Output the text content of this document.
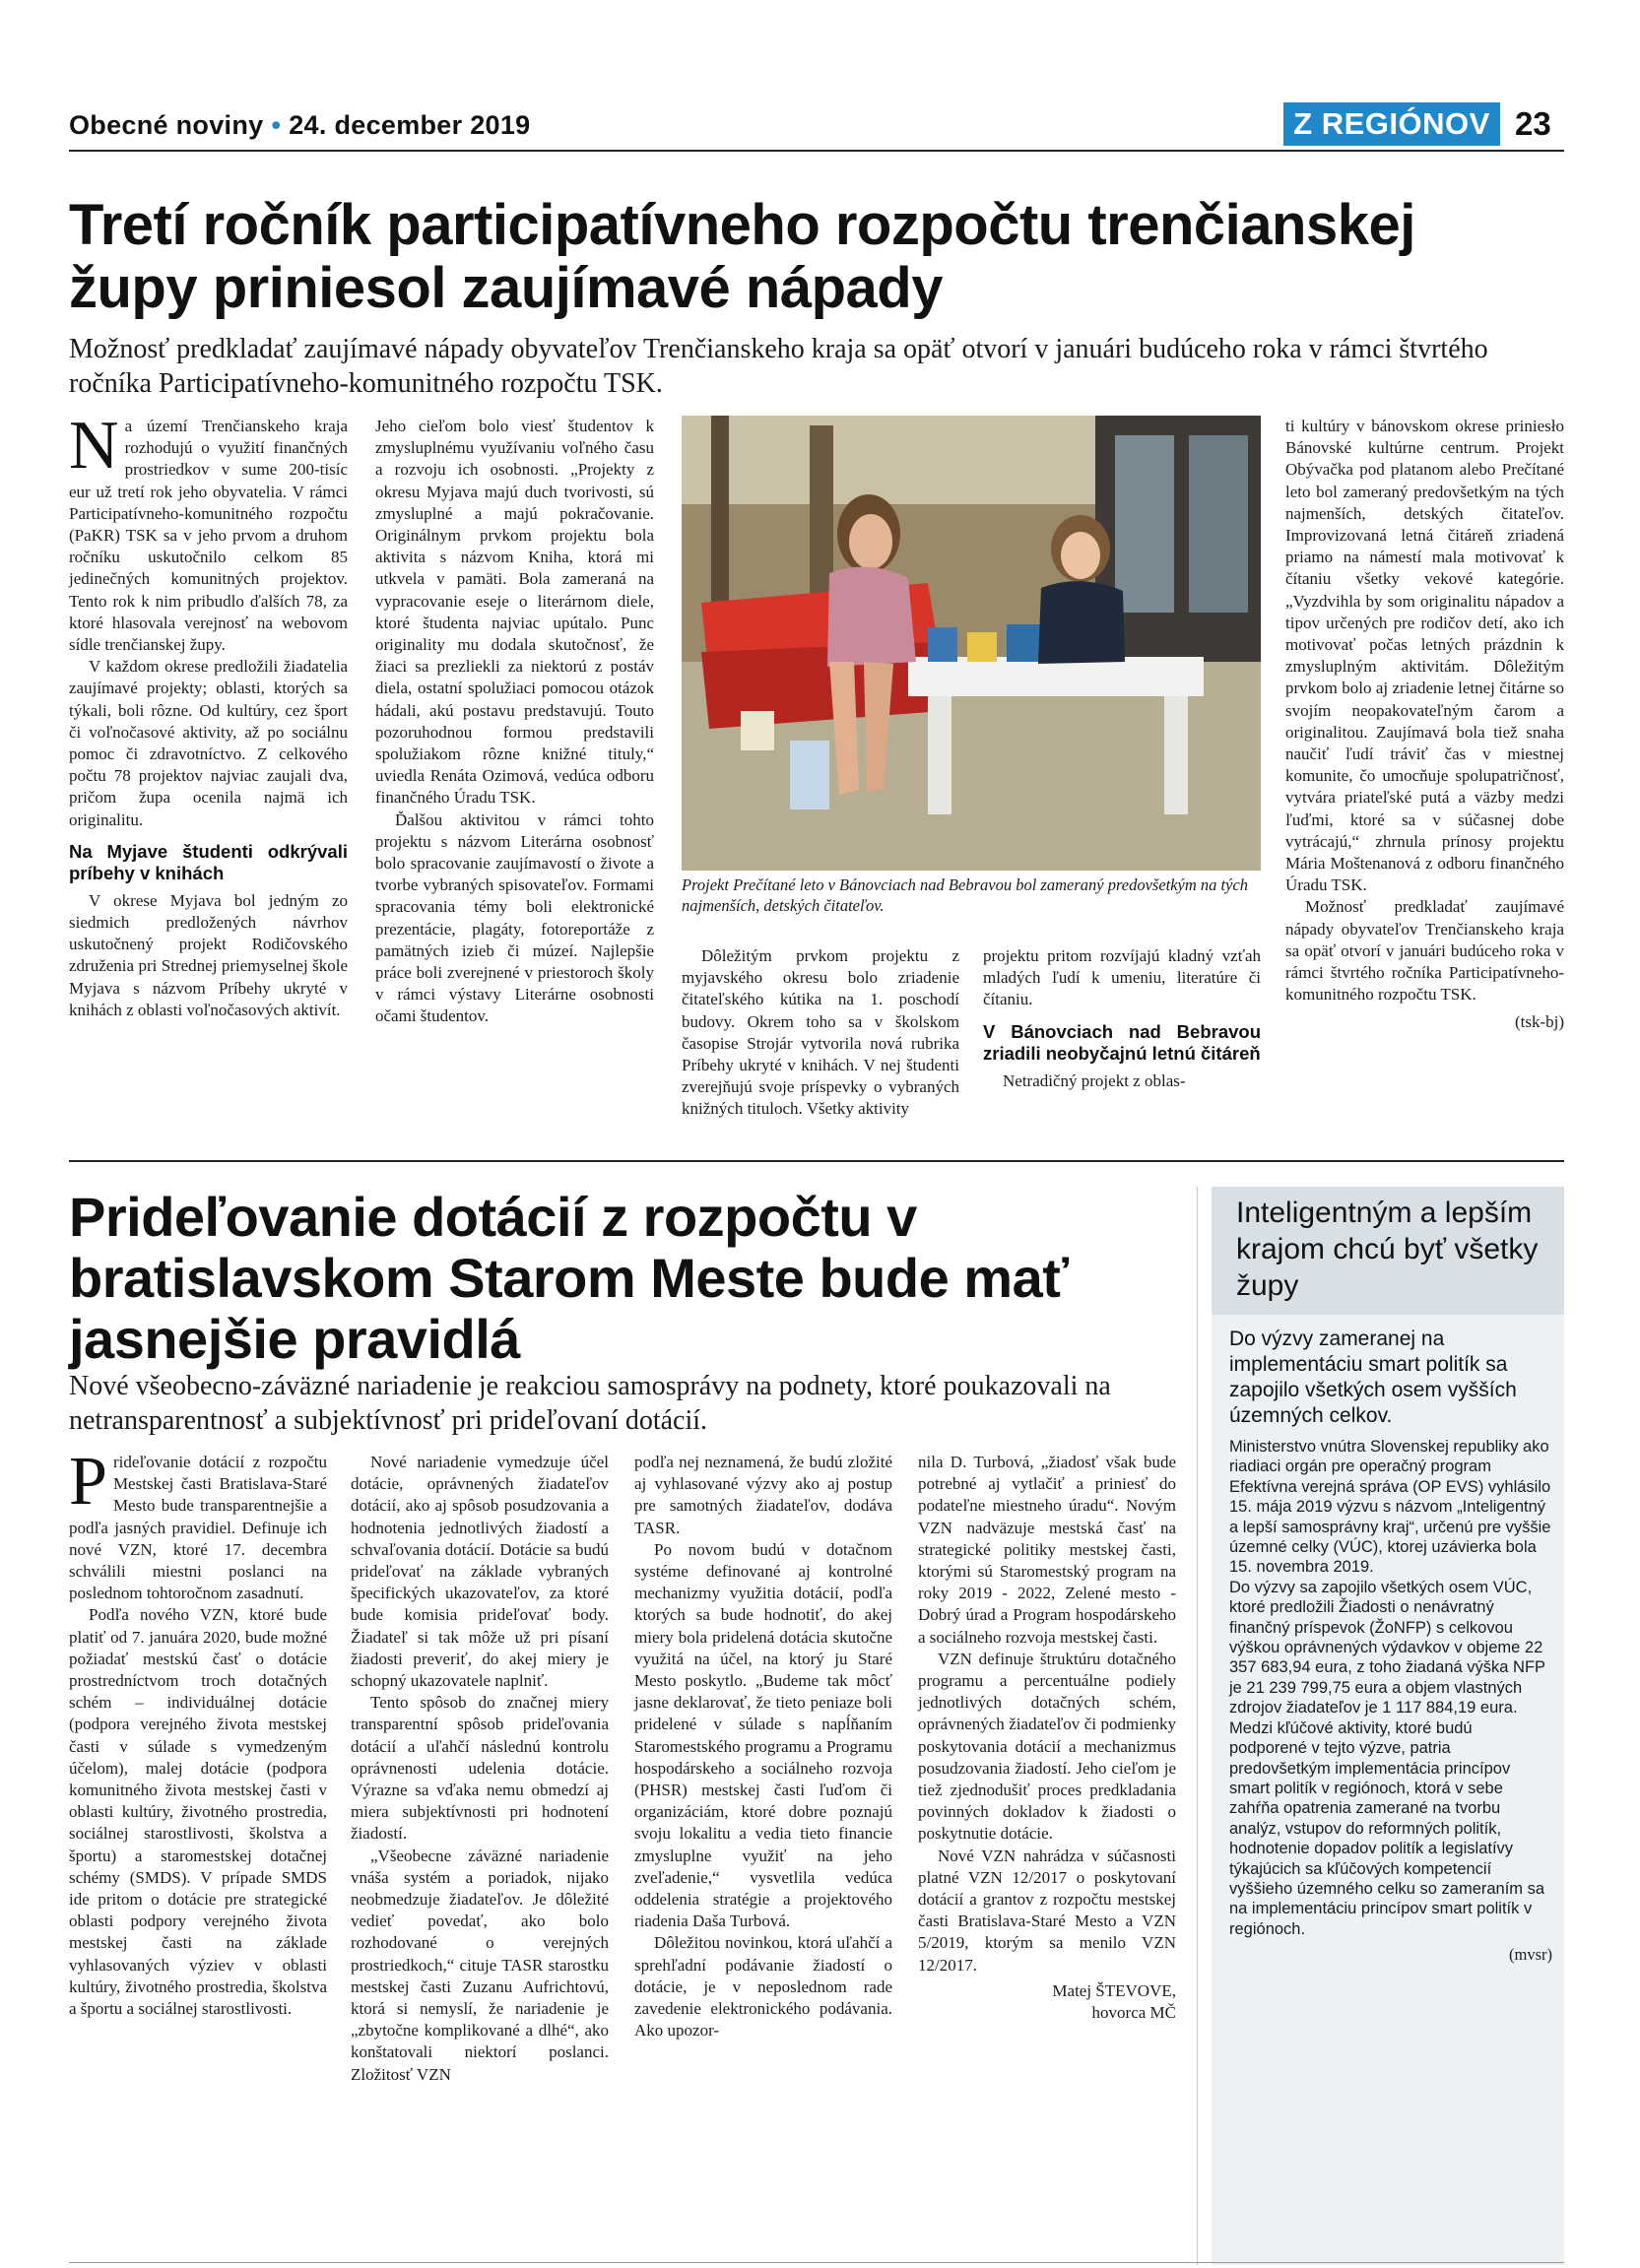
Obecné noviny • 24. december 2019	Z REGIÓNOV 23
Tretí ročník participatívneho rozpočtu trenčianskej župy priniesol zaujímavé nápady
Možnosť predkladať zaujímavé nápady obyvateľov Trenčianskeho kraja sa opäť otvorí v januári budúceho roka v rámci štvrtého ročníka Participatívneho-komunitného rozpočtu TSK.

Na území Trenčianskeho kraja rozhodujú o využití finančných prostriedkov v sume 200-tisíc eur už tretí rok jeho obyvatelia. V rámci Participatívneho-komunitného rozpočtu (PaKR) TSK sa v jeho prvom a druhom ročníku uskutočnilo celkom 85 jedinečných komunitných projektov. Tento rok k nim pribudlo ďalších 78, za ktoré hlasovala verejnosť na webovom sídle trenčianskej župy.

V každom okrese predložili žiadatelia zaujímavé projekty; oblasti, ktorých sa týkali, boli rôzne. Od kultúry, cez šport či voľnočasové aktivity, až po sociálnu pomoc či zdravotníctvo. Z celkového počtu 78 projektov najviac zaujali dva, pričom župa ocenila najmä ich originalitu.

Na Myjave študenti odkrývali príbehy v knihách

V okrese Myjava bol jedným zo siedmich predložených návrhov uskutočnený projekt Rodičovského združenia pri Strednej priemyselnej škole Myjava s názvom Príbehy ukryté v knihách z oblasti voľnočasových aktivít.

Jeho cieľom bolo viesť študentov k zmysluplnému využívaniu voľného času a rozvoju ich osobnosti. „Projekty z okresu Myjava majú duch tvorivosti, sú zmysluplné a majú pokračovanie. Originálnym prvkom projektu bola aktivita s názvom Kniha, ktorá mi utkvela v pamäti. Bola zameraná na vypracovanie eseje o literárnom diele, ktoré študenta najviac upútalo. Punc originality mu dodala skutočnosť, že žiaci sa prezliekli za niektorú z postáv diela, ostatní spolužiaci pomocou otázok hádali, akú postavu predstavujú. Touto pozoruhodnou formou predstavili spolužiakom rôzne knižné tituly,“ uviedla Renáta Ozimová, vedúca odboru finančného Úradu TSK.

Ďalšou aktivitou v rámci tohto projektu s názvom Literárna osobnosť bolo spracovanie zaujímavostí o živote a tvorbe vybraných spisovateľov. Formami spracovania témy boli elektronické prezentácie, plagáty, fotoreportáže z pamätných izieb či múzeí. Najlepšie práce boli zverejnené v priestoroch školy v rámci výstavy Literárne osobnosti očami študentov.

Projekt Prečítané leto v Bánovciach nad Bebravou bol zameraný predovšetkým na tých najmenších, detských čitateľov.

Dôležitým prvkom projektu z myjavského okresu bolo zriadenie čitateľského kútika na 1. poschodí budovy. Okrem toho sa v školskom časopise Strojár vytvorila nová rubrika Príbehy ukryté v knihách. V nej študenti zverejňujú svoje príspevky o vybraných knižných tituloch. Všetky aktivity

projektu pritom rozvíjajú kladný vzťah mladých ľudí k umeniu, literatúre či čítaniu.

V Bánovciach nad Bebravou zriadili neobyčajnú letnú čitáreň

Netradičný projekt z oblas-

ti kultúry v bánovskom okrese priniesło Bánovské kultúrne centrum. Projekt Obývačka pod platanom alebo Prečítané leto bol zameraný predovšetkým na tých najmenších, detských čitateľov. Improvizovaná letná čitáreň zriadená priamo na námestí mala motivovať k čítaniu všetky vekové kategórie. „Vyzdvihla by som originalitu nápadov a tipov určených pre rodičov detí, ako ich motivovať počas letných prázdnin k zmysluplným aktivitám. Dôležitým prvkom bolo aj zriadenie letnej čitárne so svojím neopakovateľným čarom a originalitou. Zaujímavá bola tiež snaha naučiť ľudí tráviť čas v miestnej komunite, čo umocňuje spolupatričnosť, vytvára priateľské putá a väzby medzi ľuďmi, ktoré sa v súčasnej dobe vytrácajú,“ zhrnula prínosy projektu Mária Moštenanová z odboru finančného Úradu TSK.

Možnosť predkladať zaujímavé nápady obyvateľov Trenčianskeho kraja sa opäť otvorí v januári budúceho roka v rámci štvrtého ročníka Participatívneho-komunitného rozpočtu TSK.

(tsk-bj)

Prideľovanie dotácií z rozpočtu v bratislavskom Starom Meste bude mať jasnejšie pravidlá
Nové všeobecno-záväzné nariadenie je reakciou samosprávy na podnety, ktoré poukazovali na netransparentnosť a subjektívnosť pri prideľovaní dotácií.

Prideľovanie dotácií z rozpočtu Mestskej časti Bratislava-Staré Mesto bude transparentnejšie a podľa jasných pravidiel. Definuje ich nové VZN, ktoré 17. decembra schválili miestni poslanci na poslednom tohtoročnom zasadnutí.

Podľa nového VZN, ktoré bude platiť od 7. januára 2020, bude možné požiadať mestskú časť o dotácie prostredníctvom troch dotačných schém – individuálnej dotácie (podpora verejného života mestskej časti v súlade s vymedzeným účelom), malej dotácie (podpora komunitného života mestskej časti v oblasti kultúry, životného prostredia, sociálnej starostlivosti, školstva a športu) a staromestskej dotačnej schémy (SMDS). V prípade SMDS ide pritom o dotácie pre strategické oblasti podpory verejného života mestskej časti na základe vyhlasovaných výziev v oblasti kultúry, životného prostredia, školstva a športu a sociálnej starostlivosti.

Nové nariadenie vymedzuje účel dotácie, oprávnených žiadateľov dotácií, ako aj spôsob posudzovania a hodnotenia jednotlivých žiadostí a schvaľovania dotácií. Dotácie sa budú prideľovať na základe vybraných špecifických ukazovateľov, za ktoré bude komisia prideľovať body. Žiadateľ si tak môže už pri písaní žiadosti preveriť, do akej miery je schopný ukazovatele naplniť.

Tento spôsob do značnej miery transparentní spôsob prideľovania dotácií a uľahčí následnú kontrolu oprávnenosti udelenia dotácie. Výrazne sa vďaka nemu obmedzí aj miera subjektívnosti pri hodnotení žiadostí.

„Všeobecne záväzné nariadenie vnáša systém a poriadok, nijako neobmedzuje žiadateľov. Je dôležité vedieť povedať, ako bolo rozhodované o verejných prostriedkoch,“ cituje TASR starostku mestskej časti Zuzanu Aufrichtovú, ktorá si nemyslí, že nariadenie je „zbytočne komplikované a dlhé“, ako konštatovali niektorí poslanci. Zložitosť VZN

podľa nej neznamená, že budú zložité aj vyhlasované výzvy ako aj postup pre samotných žiadateľov, dodáva TASR.

Po novom budú v dotačnom systéme definované aj kontrolné mechanizmy využitia dotácií, podľa ktorých sa bude hodnotiť, do akej miery bola pridelená dotácia skutočne využitá na účel, na ktorý ju Staré Mesto poskytlo. „Budeme tak môcť jasne deklarovať, že tieto peniaze boli pridelené v súlade s napĺňaním Staromestského programu a Programu hospodárskeho a sociálneho rozvoja (PHSR) mestskej časti ľuďom či organizáciám, ktoré dobre poznajú svoju lokalitu a vedia tieto financie zmysluplne využiť na jeho zveľadenie,“ vysvetlila vedúca oddelenia stratégie a projektového riadenia Daša Turbová.

Dôležitou novinkou, ktorá uľahčí a sprehľadní podávanie žiadostí o dotácie, je v neposlednom rade zavedenie elektronického podávania. Ako upozor-

nila D. Turbová, „žiadosť však bude potrebné aj vytlačiť a priniesť do podateľne miestneho úradu“. Novým VZN nadväzuje mestská časť na strategické politiky mestskej časti, ktorými sú Staromestský program na roky 2019 - 2022, Zelené mesto - Dobrý úrad a Program hospodárskeho a sociálneho rozvoja mestskej časti.

VZN definuje štruktúru dotačného programu a percentuálne podiely jednotlivých dotačných schém, oprávnených žiadateľov či podmienky poskytovania dotácií a mechanizmus posudzovania žiadostí. Jeho cieľom je tiež zjednodušiť proces predkladania povinných dokladov k žiadosti o poskytnutie dotácie.

Nové VZN nahrádza v súčasnosti platné VZN 12/2017 o poskytovaní dotácií a grantov z rozpočtu mestskej časti Bratislava-Staré Mesto a VZN 5/2019, ktorým sa menilo VZN 12/2017.

Matej ŠTEVOVE,

hovorca MČ

Inteligentným a lepším krajom chcú byť všetky župy
Do výzvy zameranej na implementáciu smart politík sa zapojilo všetkých osem vyšších územných celkov.

Ministerstvo vnútra Slovenskej republiky ako riadiaci orgán pre operačný program Efektívna verejná správa (OP EVS) vyhlásilo 15. mája 2019 výzvu s názvom „Inteligentný a lepší samosprávny kraj“, určenú pre vyššie územné celky (VÚC), ktorej uzávierka bola 15. novembra 2019.

Do výzvy sa zapojilo všetkých osem VÚC, ktoré predložili Žiadosti o nenávratný finančný príspevok (ŽoNFP) s celkovou výškou oprávnených výdavkov v objeme 22 357 683,94 eura, z toho žiadaná výška NFP je 21 239 799,75 eura a objem vlastných zdrojov žiadateľov je 1 117 884,19 eura.

Medzi kľúčové aktivity, ktoré budú podporené v tejto výzve, patria predovšetkým implementácia princípov smart politík v regiónoch, ktorá v sebe zahŕňa opatrenia zamerané na tvorbu analýz, vstupov do reformných politík, hodnotenie dopadov politík a legislatívy týkajúcich sa kľúčových kompetencií vyššieho územného celku so zameraním sa na implementáciu princípov smart politík v regiónoch.

(mvsr)
